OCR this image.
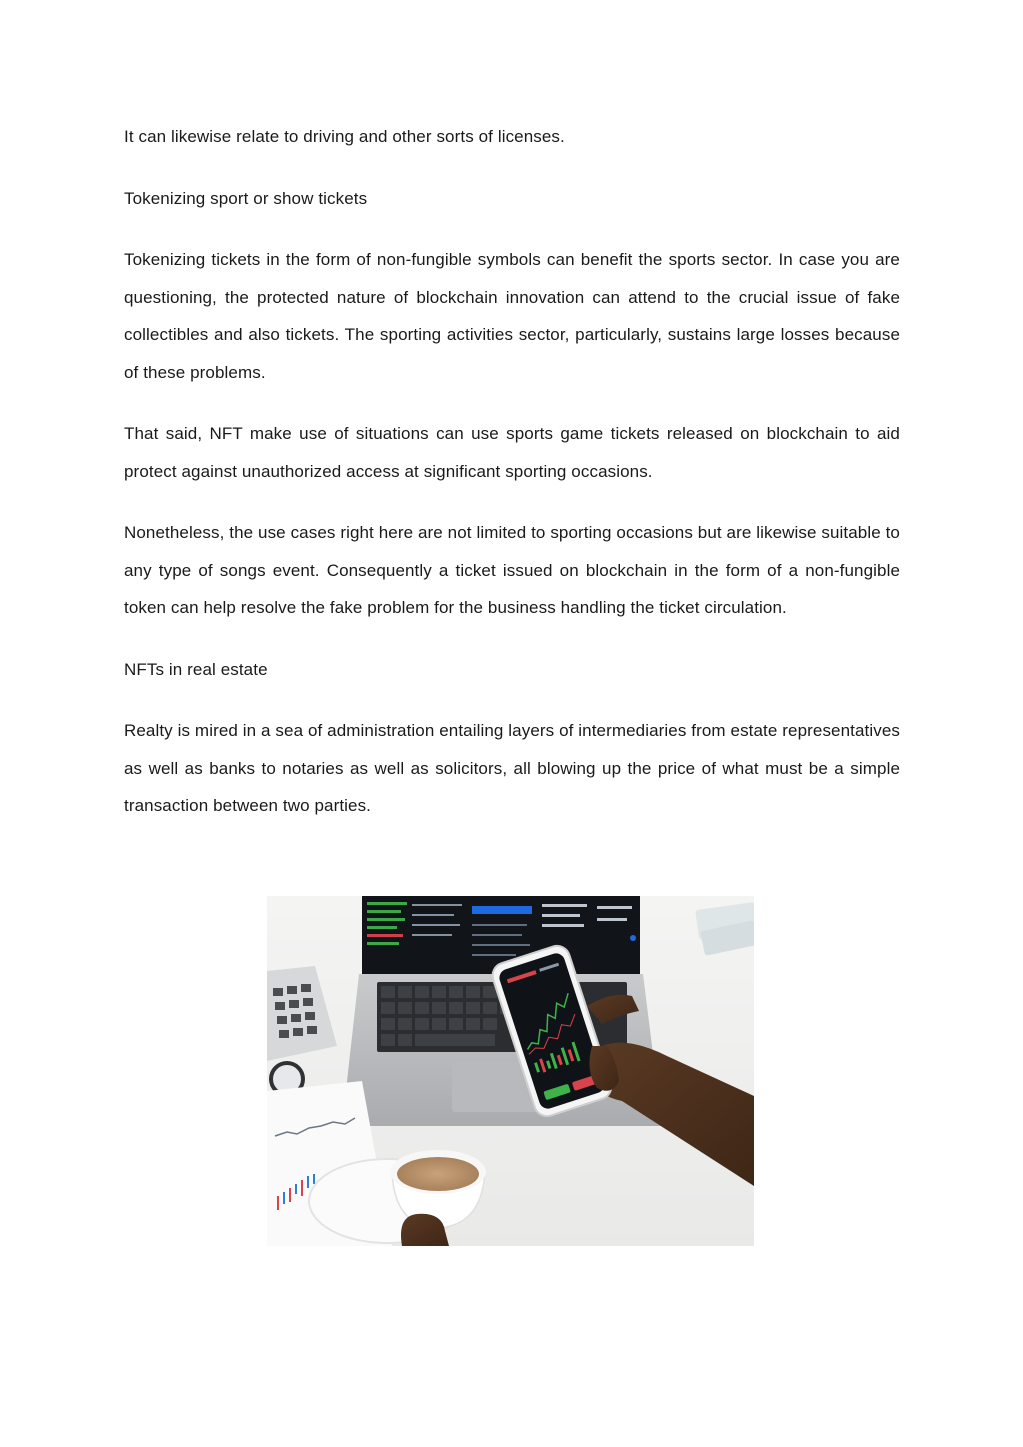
It can likewise relate to driving and other sorts of licenses.

Tokenizing sport or show tickets

Tokenizing tickets in the form of non-fungible symbols can benefit the sports sector. In case you are questioning, the protected nature of blockchain innovation can attend to the crucial issue of fake collectibles and also tickets. The sporting activities sector, particularly, sustains large losses because of these problems.

That said, NFT make use of situations can use sports game tickets released on blockchain to aid protect against unauthorized access at significant sporting occasions.

Nonetheless, the use cases right here are not limited to sporting occasions but are likewise suitable to any type of songs event. Consequently a ticket issued on blockchain in the form of a non-fungible token can help resolve the fake problem for the business handling the ticket circulation.

NFTs in real estate

Realty is mired in a sea of administration entailing layers of intermediaries from estate representatives as well as banks to notaries as well as solicitors, all blowing up the price of what must be a simple transaction between two parties.
